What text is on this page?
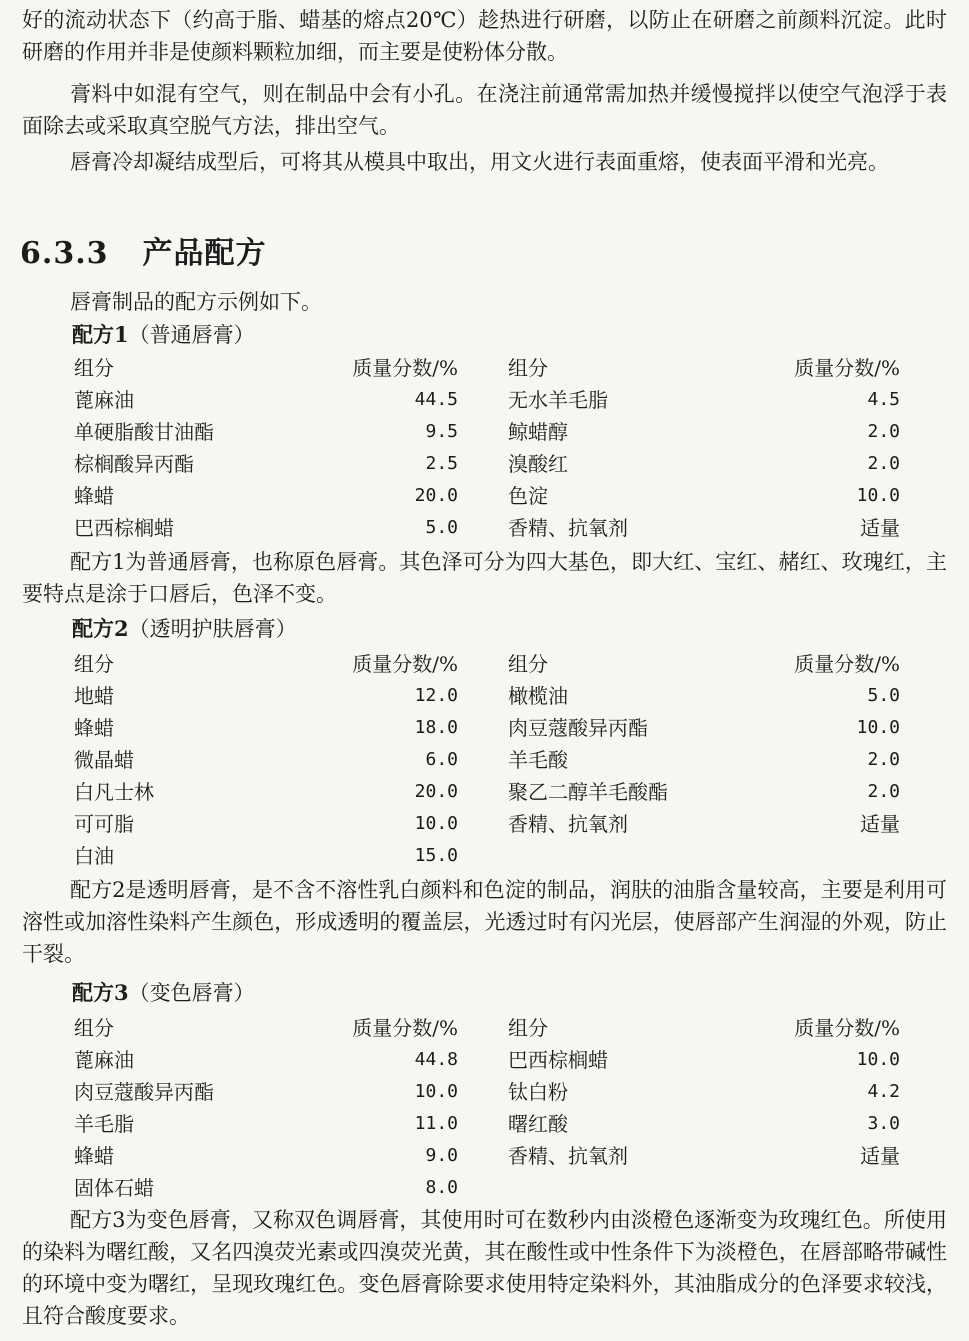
好的流动状态下（约高于脂、蜡基的熔点20℃）趁热进行研磨，以防止在研磨之前颜料沉淀。此时研磨的作用并非是使颜料颗粒加细，而主要是使粉体分散。

膏料中如混有空气，则在制品中会有小孔。在浇注前通常需加热并缓慢搅拌以使空气泡浮于表面除去或采取真空脱气方法，排出空气。

唇膏冷却凝结成型后，可将其从模具中取出，用文火进行表面重熔，使表面平滑和光亮。

6.3.3 产品配方

唇膏制品的配方示例如下。

配方1（普通唇膏）

组分	质量分数/%	组分	质量分数/%
蓖麻油	44.5	无水羊毛脂	4.5
单硬脂酸甘油酯	9.5	鲸蜡醇	2.0
棕榈酸异丙酯	2.5	溴酸红	2.0
蜂蜡	20.0	色淀	10.0
巴西棕榈蜡	5.0	香精、抗氧剂	适量

配方1为普通唇膏，也称原色唇膏。其色泽可分为四大基色，即大红、宝红、赭红、玫瑰红，主要特点是涂于口唇后，色泽不变。

配方2（透明护肤唇膏）

组分	质量分数/%	组分	质量分数/%
地蜡	12.0	橄榄油	5.0
蜂蜡	18.0	肉豆蔻酸异丙酯	10.0
微晶蜡	6.0	羊毛酸	2.0
白凡士林	20.0	聚乙二醇羊毛酸酯	2.0
可可脂	10.0	香精、抗氧剂	适量
白油	15.0

配方2是透明唇膏，是不含不溶性乳白颜料和色淀的制品，润肤的油脂含量较高，主要是利用可溶性或加溶性染料产生颜色，形成透明的覆盖层，光透过时有闪光层，使唇部产生润湿的外观，防止干裂。

配方3（变色唇膏）

组分	质量分数/%	组分	质量分数/%
蓖麻油	44.8	巴西棕榈蜡	10.0
肉豆蔻酸异丙酯	10.0	钛白粉	4.2
羊毛脂	11.0	曙红酸	3.0
蜂蜡	9.0	香精、抗氧剂	适量
固体石蜡	8.0

配方3为变色唇膏，又称双色调唇膏，其使用时可在数秒内由淡橙色逐渐变为玫瑰红色。所使用的染料为曙红酸，又名四溴荧光素或四溴荧光黄，其在酸性或中性条件下为淡橙色，在唇部略带碱性的环境中变为曙红，呈现玫瑰红色。变色唇膏除要求使用特定染料外，其油脂成分的色泽要求较浅，且符合酸度要求。
